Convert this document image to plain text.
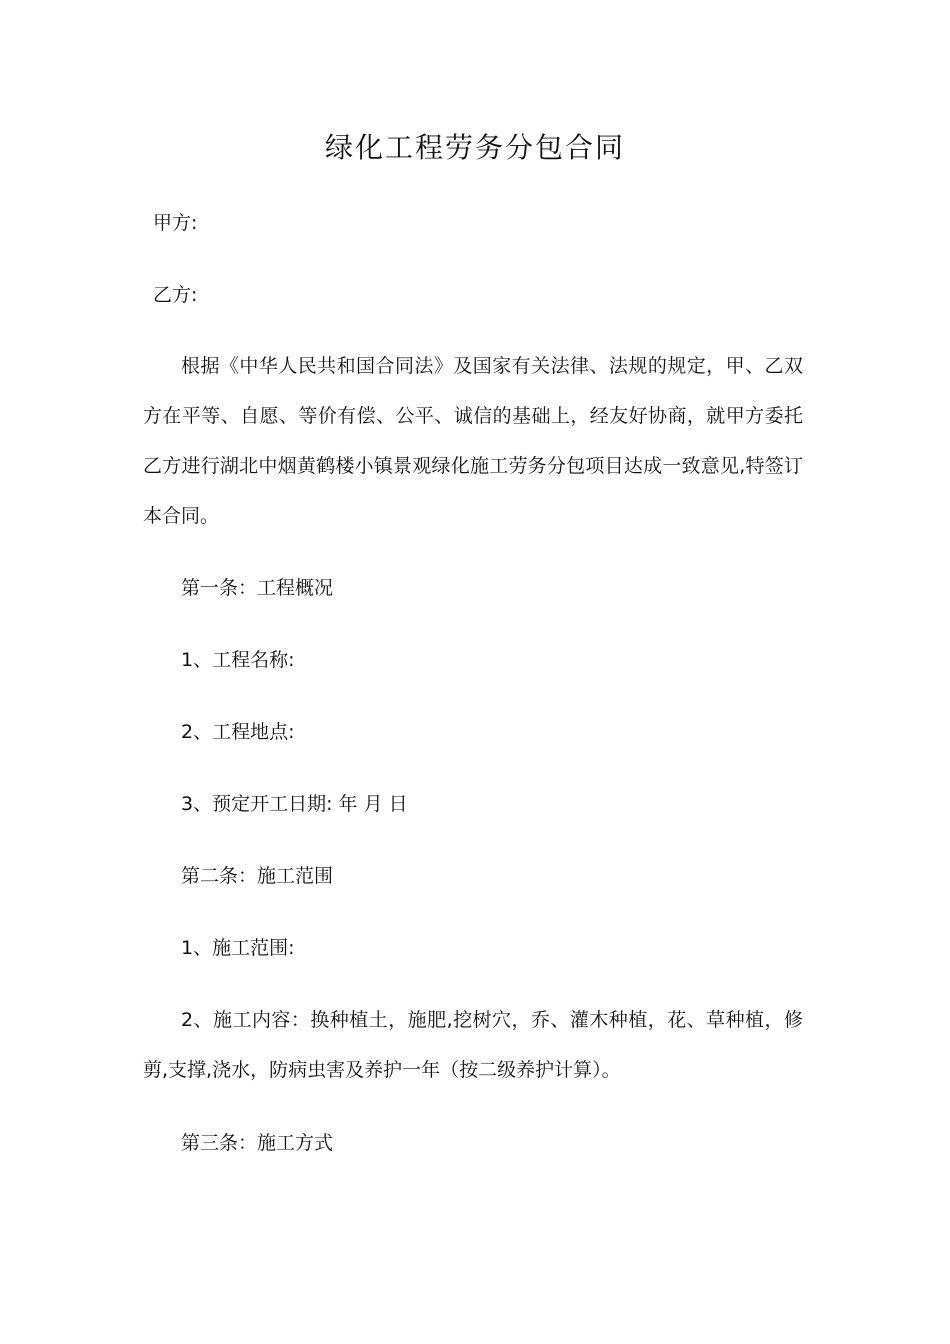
绿化工程劳务分包合同
甲方:
乙方:

根据《中华人民共和国合同法》及国家有关法律、法规的规定，甲、乙双方在平等、自愿、等价有偿、公平、诚信的基础上，经友好协商，就甲方委托乙方进行湖北中烟黄鹤楼小镇景观绿化施工劳务分包项目达成一致意见,特签订本合同。

第一条：工程概况
1、工程名称:
2、工程地点:
3、预定开工日期: 年 月 日
第二条：施工范围
1、施工范围:

2、施工内容：换种植土，施肥,挖树穴，乔、灌木种植，花、草种植，修剪,支撑,浇水，防病虫害及养护一年（按二级养护计算）。

第三条：施工方式
